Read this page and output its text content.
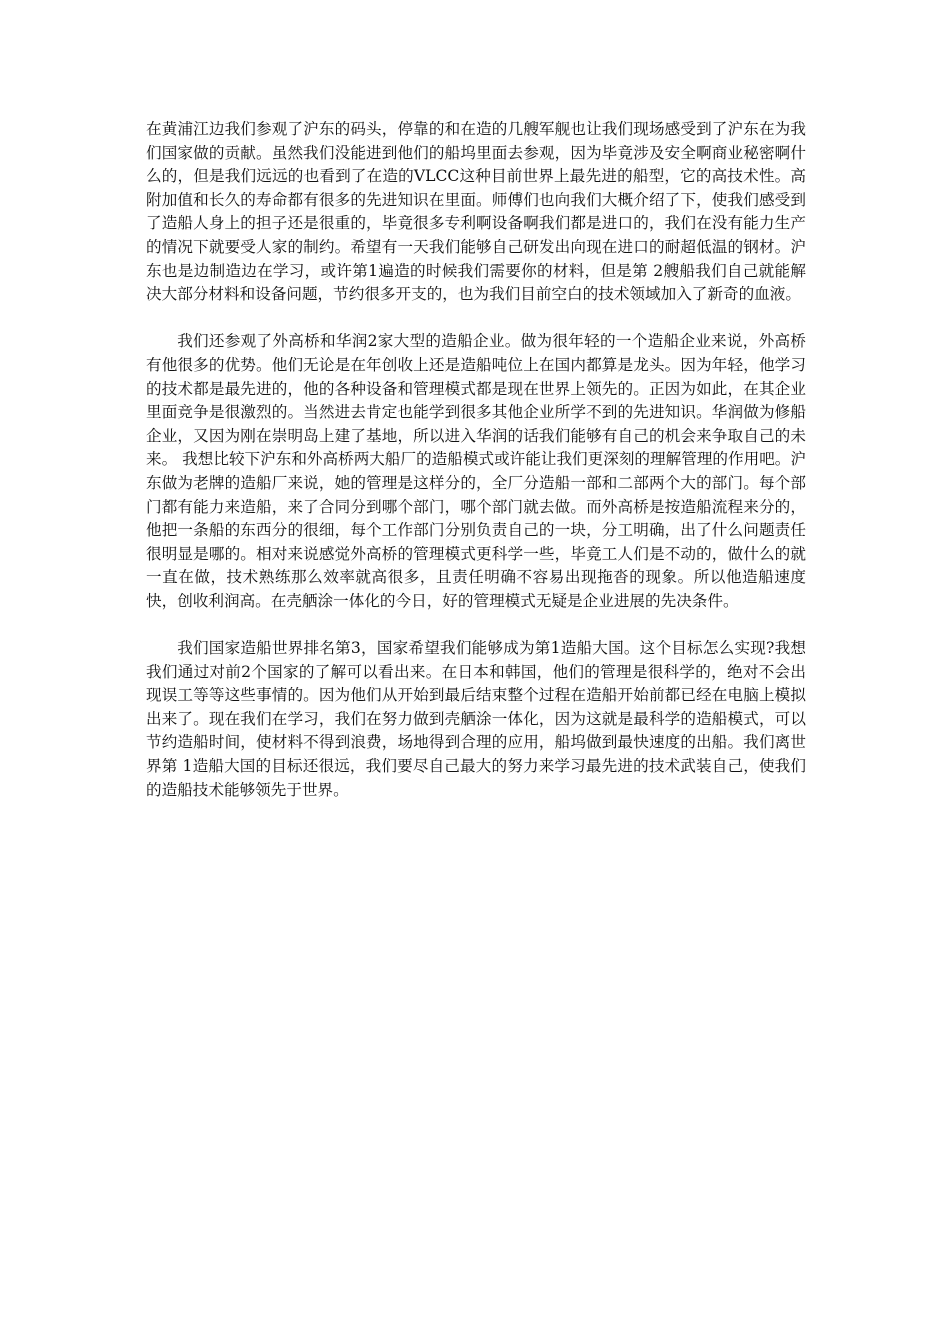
在黄浦江边我们参观了沪东的码头，停靠的和在造的几艘军舰也让我们现场感受到了沪东在为我们国家做的贡献。虽然我们没能进到他们的船坞里面去参观，因为毕竟涉及安全啊商业秘密啊什么的，但是我们远远的也看到了在造的VLCC这种目前世界上最先进的船型，它的高技术性。高附加值和长久的寿命都有很多的先进知识在里面。师傅们也向我们大概介绍了下，使我们感受到了造船人身上的担子还是很重的，毕竟很多专利啊设备啊我们都是进口的，我们在没有能力生产的情况下就要受人家的制约。希望有一天我们能够自己研发出向现在进口的耐超低温的钢材。沪东也是边制造边在学习，或许第1遍造的时候我们需要你的材料，但是第 2艘船我们自己就能解决大部分材料和设备问题，节约很多开支的，也为我们目前空白的技术领域加入了新奇的血液。

我们还参观了外高桥和华润2家大型的造船企业。做为很年轻的一个造船企业来说，外高桥有他很多的优势。他们无论是在年创收上还是造船吨位上在国内都算是龙头。因为年轻，他学习的技术都是最先进的，他的各种设备和管理模式都是现在世界上领先的。正因为如此，在其企业里面竞争是很激烈的。当然进去肯定也能学到很多其他企业所学不到的先进知识。华润做为修船企业，又因为刚在崇明岛上建了基地，所以进入华润的话我们能够有自己的机会来争取自己的未来。 我想比较下沪东和外高桥两大船厂的造船模式或许能让我们更深刻的理解管理的作用吧。沪东做为老牌的造船厂来说，她的管理是这样分的，全厂分造船一部和二部两个大的部门。每个部门都有能力来造船，来了合同分到哪个部门，哪个部门就去做。而外高桥是按造船流程来分的，他把一条船的东西分的很细，每个工作部门分别负责自己的一块，分工明确，出了什么问题责任很明显是哪的。相对来说感觉外高桥的管理模式更科学一些，毕竟工人们是不动的，做什么的就一直在做，技术熟练那么效率就高很多，且责任明确不容易出现拖沓的现象。所以他造船速度快，创收利润高。在壳舾涂一体化的今日，好的管理模式无疑是企业进展的先决条件。

我们国家造船世界排名第3，国家希望我们能够成为第1造船大国。这个目标怎么实现?我想我们通过对前2个国家的了解可以看出来。在日本和韩国，他们的管理是很科学的，绝对不会出现误工等等这些事情的。因为他们从开始到最后结束整个过程在造船开始前都已经在电脑上模拟出来了。现在我们在学习，我们在努力做到壳舾涂一体化，因为这就是最科学的造船模式，可以节约造船时间，使材料不得到浪费，场地得到合理的应用，船坞做到最快速度的出船。我们离世界第 1造船大国的目标还很远，我们要尽自己最大的努力来学习最先进的技术武装自己，使我们的造船技术能够领先于世界。
